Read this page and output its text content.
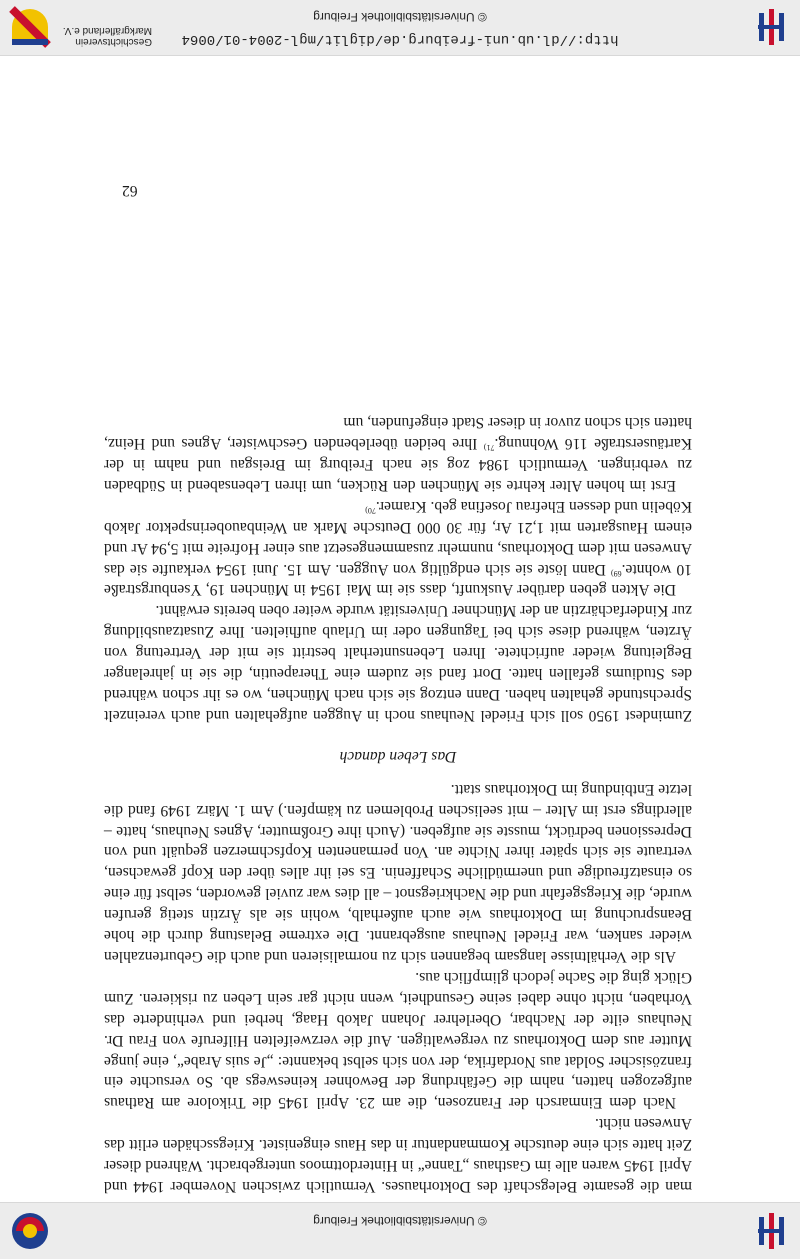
© Universitätsbibliothek Freiburg

man die gesamte Belegschaft des Doktorhauses. Vermutlich zwischen November 1944 und April 1945 waren alle im Gasthaus „Tanne“ in Hinterdottmoos untergebracht. Während dieser Zeit hatte sich eine deutsche Kommandantur in das Haus eingenistet. Kriegsschäden erlitt das Anwesen nicht.

Nach dem Einmarsch der Franzosen, die am 23. April 1945 die Trikolore am Rathaus aufgezogen hatten, nahm die Gefährdung der Bewohner keineswegs ab. So versuchte ein französischer Soldat aus Nordafrika, der von sich selbst bekannte: „Je suis Arabe“, eine junge Mutter aus dem Doktorhaus zu vergewaltigen. Auf die verzweifelten Hilferufe von Frau Dr. Neuhaus eilte der Nachbar, Oberlehrer Johann Jakob Haag, herbei und verhinderte das Vorhaben, nicht ohne dabei seine Gesundheit, wenn nicht gar sein Leben zu riskieren. Zum Glück ging die Sache jedoch glimpflich aus.

Als die Verhältnisse langsam begannen sich zu normalisieren und auch die Geburtenzahlen wieder sanken, war Friedel Neuhaus ausgebrannt. Die extreme Belastung durch die hohe Beanspruchung im Doktorhaus wie auch außerhalb, wohin sie als Ärztin stetig gerufen wurde, die Kriegsgefahr und die Nachkriegsnot – all dies war zuviel geworden, selbst für eine so einsatzfreudige und unermüdliche Schaffenin. Es sei ihr alles über den Kopf gewachsen, vertraute sie sich später ihrer Nichte an. Von permanenten Kopfschmerzen gequält und von Depressionen bedrückt, musste sie aufgeben. (Auch ihre Großmutter, Agnes Neuhaus, hatte – allerdings erst im Alter – mit seelischen Problemen zu kämpfen.) Am 1. März 1949 fand die letzte Entbindung im Doktorhaus statt.

Das Leben danach

Zumindest 1950 soll sich Friedel Neuhaus noch in Auggen aufgehalten und auch vereinzelt Sprechstunde gehalten haben. Dann entzog sie sich nach München, wo es ihr schon während des Studiums gefallen hatte. Dort fand sie zudem eine Therapeutin, die sie in jahrelanger Begleitung wieder aufrichtete. Ihren Lebensunterhalt bestritt sie mit der Vertretung von Ärzten, während diese sich bei Tagungen oder im Urlaub aufhielten. Ihre Zusatzausbildung zur Kinderfachärztin an der Münchner Universität wurde weiter oben bereits erwähnt.

Die Akten geben darüber Auskunft, dass sie im Mai 1954 in München 19, Ysenburgstraße 10 wohnte.$^{69)}$ Dann löste sie sich endgültig von Auggen. Am 15. Juni 1954 verkaufte sie das Anwesen mit dem Doktorhaus, nunmehr zusammengesetzt aus einer Hofreite mit 5,94 Ar und einem Hausgarten mit 1,21 Ar, für 30 000 Deutsche Mark an Weinbauoberinspektor Jakob Köbelin und dessen Ehefrau Josefina geb. Kramer.$^{70)}$

Erst im hohen Alter kehrte sie München den Rücken, um ihren Lebensabend in Südbaden zu verbringen. Vermutlich 1984 zog sie nach Freiburg im Breisgau und nahm in der Kartäuserstraße 116 Wohnung.$^{71)}$ Ihre beiden überlebenden Geschwister, Agnes und Heinz, hatten sich schon zuvor in dieser Stadt eingefunden, um

62
http://dl.ub.uni-freiburg.de/diglit/mgl-2004-01/0064
© Universitätsbibliothek Freiburg
Geschichtsverein
Markgräflerland e.V.
